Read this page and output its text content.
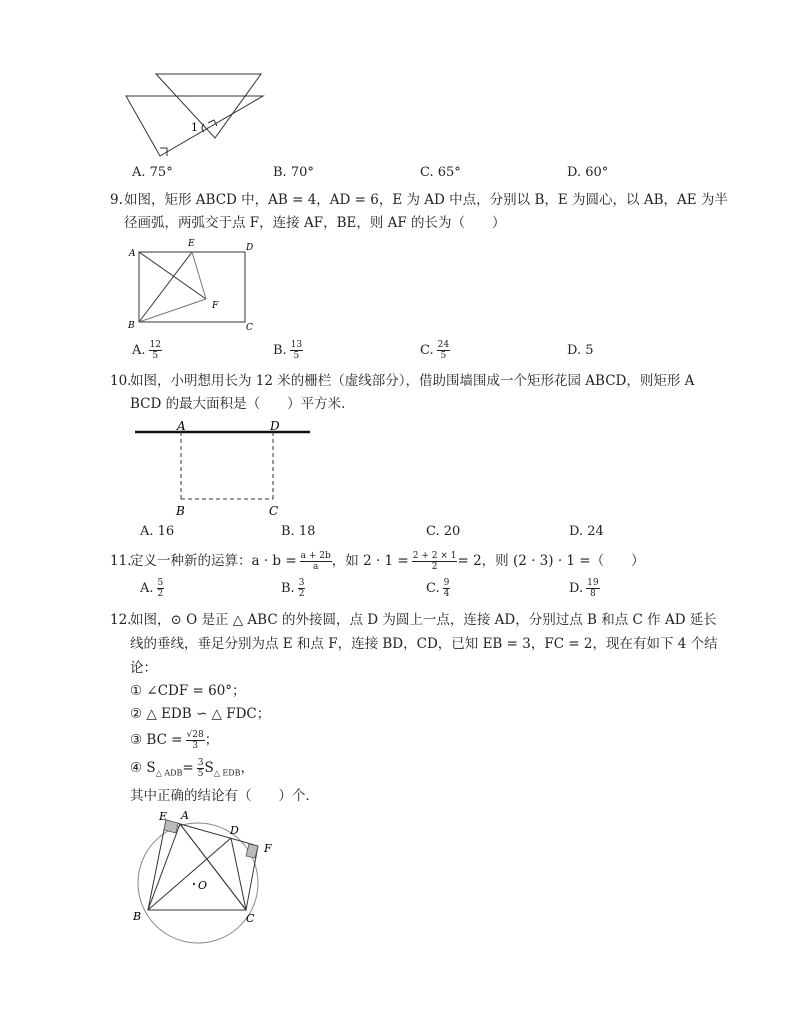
1
A. 75°	B. 70°	C. 65°	D. 60°
9. 如图，矩形 ABCD 中，AB = 4，AD = 6，E 为 AD 中点，分别以 B，E 为圆心，以 AB，AE 为半
径画弧，两弧交于点 F，连接 AF，BE，则 AF 的长为（　　）
A
E	D
F
B	C
A. $\frac{12}{5}$	B. $\frac{13}{5}$	C. $\frac{24}{5}$	D. 5
10.
如图，小明想用长为 12 米的栅栏（虚线部分），借助围墙围成一个矩形花园 ABCD，则矩形 A
BCD 的最大面积是（　　）平方米．
A	D
B	C
A. 16	B. 18	C. 20	D. 24
11.
定义一种新的运算：$a \cdot b = \frac{a + 2b}{a}$ ，如 $2 \cdot 1 = \frac{2 + 2 \times 1}{2} = 2$，则 (2 · 3) · 1 =（　　）
A. $\frac{5}{2}$	B. $\frac{3}{2}$	C. $\frac{9}{4}$	D. $\frac{19}{8}$
12.
如图，⊙ O 是正 △ ABC 的外接圆，点 D 为圆上一点，连接 AD，分别过点 B 和点 C 作 AD 延长
线的垂线，垂足分别为点 E 和点 F，连接 BD，CD，已知 EB = 3，FC = 2，现在有如下 4 个结
论：
① ∠CDF = 60°；
② △ EDB ∽ △ FDC；
③ BC = $\frac{√28}{3}$ ；
④ $S_{\triangle ADB}= \frac{3}{5} S_{\triangle EDB}$，
其中正确的结论有（　　）个．
E A
D
F
O
B	C
